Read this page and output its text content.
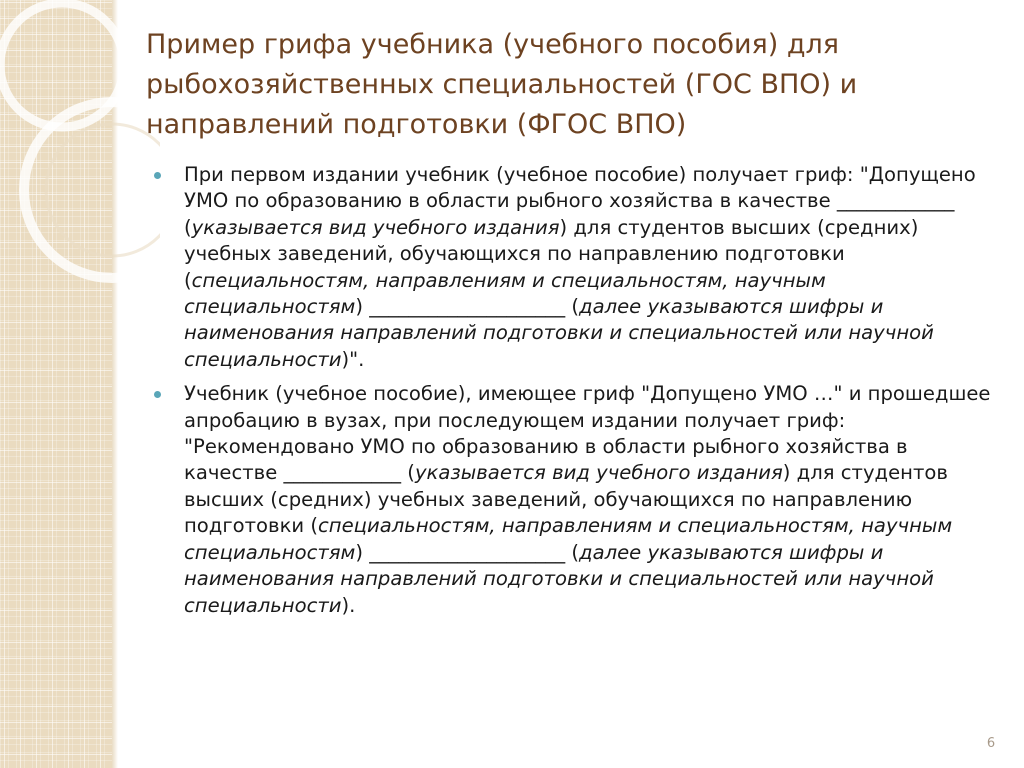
Пример грифа учебника (учебного пособия) для рыбохозяйственных специальностей (ГОС ВПО) и направлений подготовки (ФГОС ВПО)
При первом издании учебник (учебное пособие) получает гриф: "Допущено УМО по образованию в области рыбного хозяйства в качестве ____________ (указывается вид учебного издания) для студентов высших (средних) учебных заведений, обучающихся по направлению подготовки (специальностям, направлениям и специальностям, научным специальностям) ____________________ (далее указываются шифры и наименования направлений подготовки и специальностей или научной специальности)".
Учебник (учебное пособие), имеющее гриф "Допущено УМО …" и прошедшее апробацию в вузах, при последующем издании получает гриф: "Рекомендовано УМО по образованию в области рыбного хозяйства в качестве ____________ (указывается вид учебного издания) для студентов высших (средних) учебных заведений, обучающихся по направлению подготовки (специальностям, направлениям и специальностям, научным специальностям) ____________________ (далее указываются шифры и наименования направлений подготовки и специальностей или научной специальности).
6
